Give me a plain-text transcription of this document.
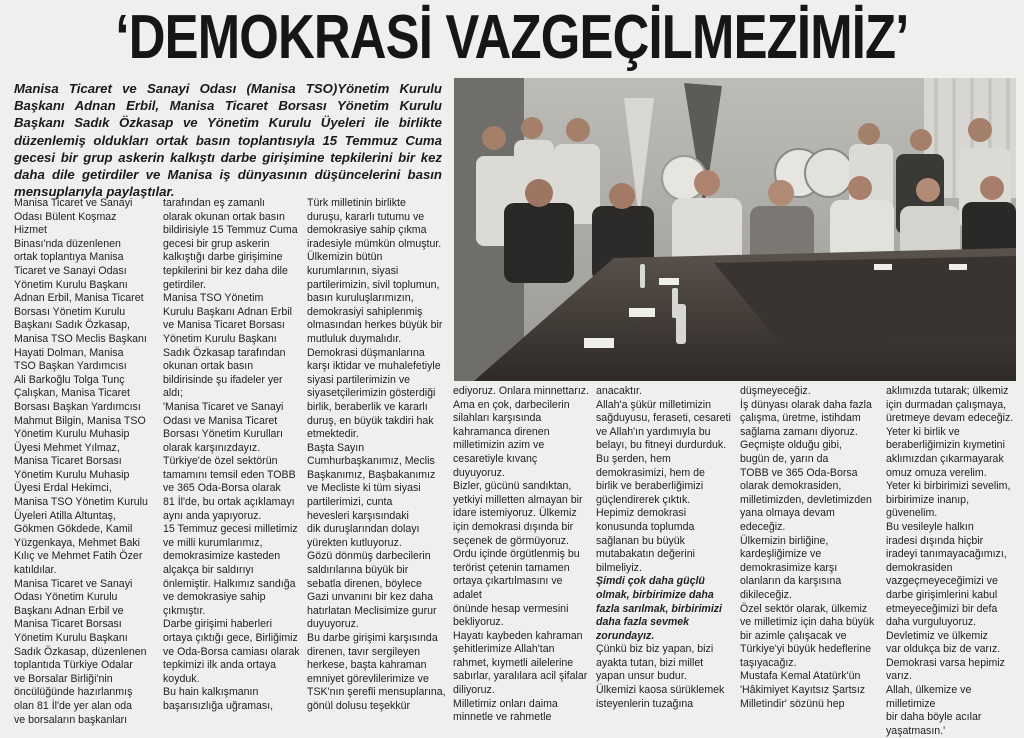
‘DEMOKRASİ VAZGEÇİLMEZİMİZ’
Manisa Ticaret ve Sanayi Odası (Manisa TSO)Yönetim Kurulu Başkanı Adnan Erbil, Manisa Ticaret Borsası Yönetim Kurulu Başkanı Sadık Özkasap ve Yönetim Kurulu Üyeleri ile birlikte düzenlemiş oldukları ortak basın toplantısıyla 15 Temmuz Cuma gecesi bir grup askerin kalkıştı darbe girişimine tepkilerini bir kez daha dile getirdiler ve Manisa iş dünyasının düşüncelerini basın mensuplarıyla paylaştılar.
Manisa Ticaret ve Sanayi
Odası Bülent Koşmaz Hizmet
Binası'nda düzenlenen
ortak toplantıya Manisa
Ticaret ve Sanayi Odası
Yönetim Kurulu Başkanı
Adnan Erbil, Manisa Ticaret
Borsası Yönetim Kurulu
Başkanı Sadık Özkasap,
Manisa TSO Meclis Başkanı
Hayati Dolman, Manisa
TSO Başkan Yardımcısı
Ali Barkoğlu Tolga Tunç
Çalışkan, Manisa Ticaret
Borsası Başkan Yardımcısı
Mahmut Bilgin, Manisa TSO
Yönetim Kurulu Muhasip
Üyesi Mehmet Yılmaz,
Manisa Ticaret Borsası
Yönetim Kurulu Muhasip
Üyesi Erdal Hekimci,
Manisa TSO Yönetim Kurulu
Üyeleri Atilla Altuntaş,
Gökmen Gökdede, Kamil
Yüzgenkaya, Mehmet Baki
Kılıç ve Mehmet Fatih Özer
katıldılar.
Manisa Ticaret ve Sanayi
Odası Yönetim Kurulu
Başkanı Adnan Erbil ve
Manisa Ticaret Borsası
Yönetim Kurulu Başkanı
Sadık Özkasap, düzenlenen
toplantıda Türkiye Odalar
ve Borsalar Birliği'nin
öncülüğünde hazırlanmış
olan 81 İl'de yer alan oda
ve borsaların başkanları
tarafından eş zamanlı
olarak okunan ortak basın
bildirisiyle 15 Temmuz Cuma
gecesi bir grup askerin
kalkıştığı darbe girişimine
tepkilerini bir kez daha dile
getirdiler.
Manisa TSO Yönetim
Kurulu Başkanı Adnan Erbil
ve Manisa Ticaret Borsası
Yönetim Kurulu Başkanı
Sadık Özkasap tarafından
okunan ortak basın
bildirisinde şu ifadeler yer
aldı;
'Manisa Ticaret ve Sanayi
Odası ve Manisa Ticaret
Borsası Yönetim Kurulları
olarak karşınızdayız.
Türkiye'de özel sektörün
tamamını temsil eden TOBB
ve 365 Oda-Borsa olarak
81 İl'de, bu ortak açıklamayı
aynı anda yapıyoruz.
15 Temmuz gecesi milletimiz
ve milli kurumlarımız,
demokrasimize kasteden
alçakça bir saldırıyı
önlemiştir. Halkımız sandığa
ve demokrasiye sahip
çıkmıştır.
Darbe girişimi haberleri
ortaya çıktığı gece, Birliğimiz
ve Oda-Borsa camiası olarak
tepkimizi ilk anda ortaya
koyduk.
Bu hain kalkışmanın
başarısızlığa uğraması,
Türk milletinin birlikte
duruşu, kararlı tutumu ve
demokrasiye sahip çıkma
iradesiyle mümkün olmuştur.
Ülkemizin bütün
kurumlarının, siyasi
partilerimizin, sivil toplumun,
basın kuruluşlarımızın,
demokrasiyi sahiplenmiş
olmasından herkes büyük bir
mutluluk duymalıdır.
Demokrasi düşmanlarına
karşı iktidar ve muhalefetiyle
siyasi partilerimizin ve
siyasetçilerimizin gösterdiği
birlik, beraberlik ve kararlı
duruş, en büyük takdiri hak
etmektedir.
Başta Sayın
Cumhurbaşkanımız, Meclis
Başkanımız, Başbakanımız
ve Mecliste ki tüm siyasi
partilerimizi, cunta
hevesleri karşısındaki
dik duruşlarından dolayı
yürekten kutluyoruz.
Gözü dönmüş darbecilerin
saldırılarına büyük bir
sebatla direnen, böylece
Gazi unvanını bir kez daha
hatırlatan Meclisimize gurur
duyuyoruz.
Bu darbe girişimi karşısında
direnen, tavır sergileyen
herkese, başta kahraman
emniyet görevlilerimize ve
TSK'nın şerefli mensuplarına,
gönül dolusu teşekkür
ediyoruz. Onlara minnettarız.
Ama en çok, darbecilerin
silahları karşısında
kahramanca direnen
milletimizin azim ve
cesaretiyle kıvanç
duyuyoruz.
Bizler, gücünü sandıktan,
yetkiyi milletten almayan bir
idare istemiyoruz. Ülkemiz
için demokrasi dışında bir
seçenek de görmüyoruz.
Ordu içinde örgütlenmiş bu
terörist çetenin tamamen
ortaya çıkartılmasını ve adalet
önünde hesap vermesini
bekliyoruz.
Hayatı kaybeden kahraman
şehitlerimize Allah'tan
rahmet, kıymetli ailelerine
sabırlar, yaralılara acil şifalar
diliyoruz.
Milletimiz onları daima
minnetle ve rahmetle
anacaktır.
Allah'a şükür milletimizin
sağduyusu, feraseti, cesareti
ve Allah'ın yardımıyla bu
belayı, bu fitneyi durdurduk.
Bu şerden, hem
demokrasimizi, hem de
birlik ve beraberliğimizi
güçlendirerek çıktık.
Hepimiz demokrasi
konusunda toplumda
sağlanan bu büyük
mutabakatın değerini
bilmeliyiz.
Şimdi çok daha güçlü
olmak, birbirimize daha
fazla sarılmak, birbirimizi
daha fazla sevmek
zorundayız.
Çünkü biz biz yapan, bizi
ayakta tutan, bizi millet
yapan unsur budur.
Ülkemizi kaosa sürüklemek
isteyenlerin tuzağına
düşmeyeceğiz.
İş dünyası olarak daha fazla
çalışma, üretme, istihdam
sağlama zamanı diyoruz.
Geçmişte olduğu gibi,
bugün de, yarın da
TOBB ve 365 Oda-Borsa
olarak demokrasiden,
milletimizden, devletimizden
yana olmaya devam
edeceğiz.
Ülkemizin birliğine,
kardeşliğimize ve
demokrasimize karşı
olanların da karşısına
dikileceğiz.
Özel sektör olarak, ülkemiz
ve milletimiz için daha büyük
bir azimle çalışacak ve
Türkiye'yi büyük hedeflerine
taşıyacağız.
Mustafa Kemal Atatürk'ün
'Hâkimiyet Kayıtsız Şartsız
Milletindir' sözünü hep
aklımızda tutarak; ülkemiz
için durmadan çalışmaya,
üretmeye devam edeceğiz.
Yeter ki birlik ve
beraberliğimizin kıymetini
aklımızdan çıkarmayarak
omuz omuza verelim.
Yeter ki birbirimizi sevelim,
birbirimize inanıp, güvenelim.
Bu vesileyle halkın
iradesi dışında hiçbir
iradeyi tanımayacağımızı,
demokrasiden
vazgeçmeyeceğimizi ve
darbe girişimlerini kabul
etmeyeceğimizi bir defa
daha vurguluyoruz.
Devletimiz ve ülkemiz
var oldukça biz de varız.
Demokrasi varsa hepimiz
varız.
Allah, ülkemize ve milletimize
bir daha böyle acılar
yaşatmasın.'
